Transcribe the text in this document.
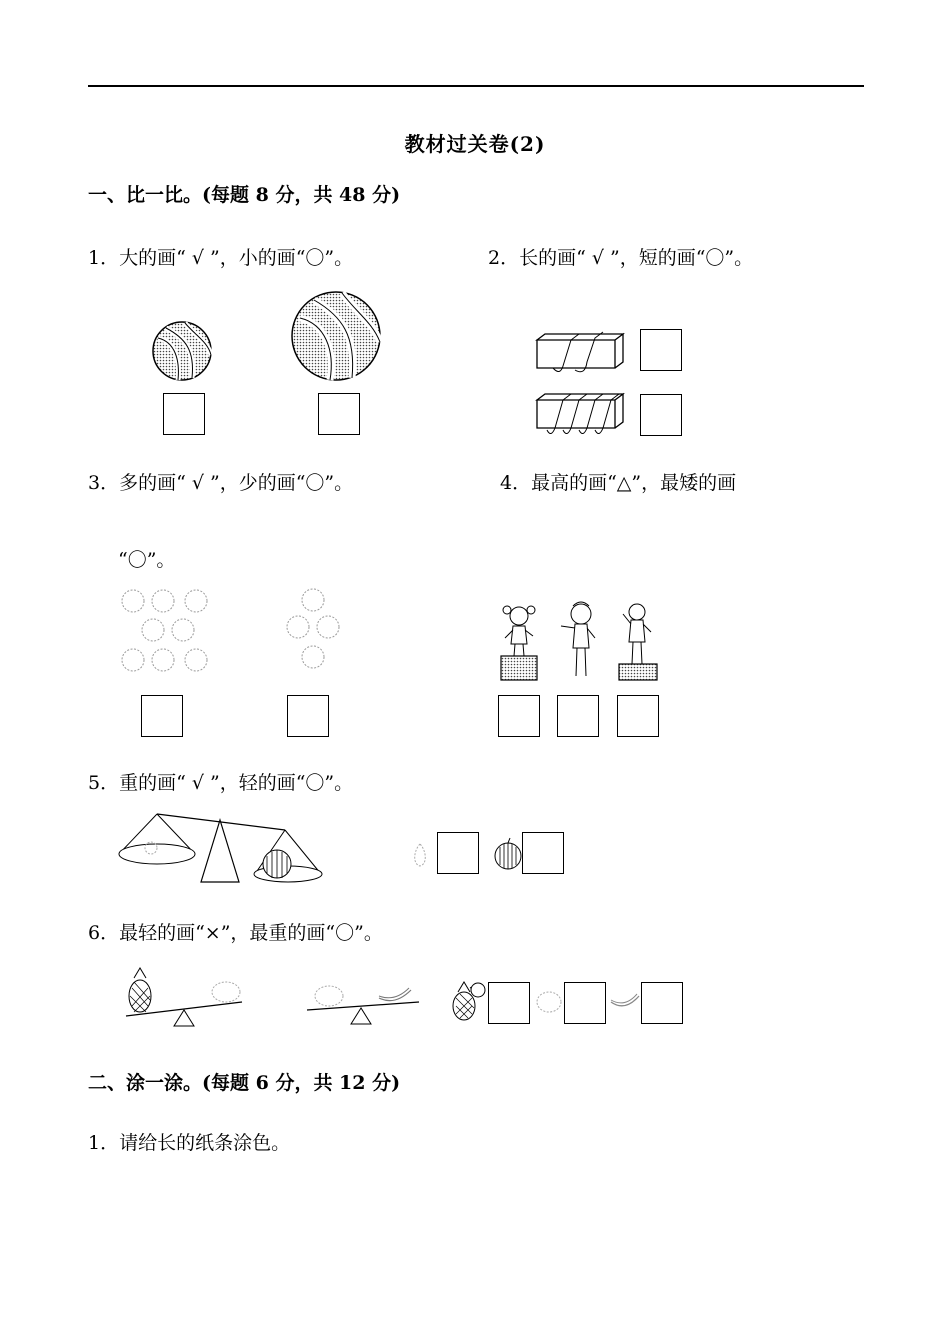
教材过关卷(2)
一、比一比。(每题 8 分，共 48 分)
1．大的画“ √ ”，小的画“〇”。	2．长的画“ √ ”，短的画“〇”。
3．多的画“ √ ”，少的画“〇”。	4．最高的画“△”，最矮的画
“〇”。
5．重的画“ √ ”，轻的画“〇”。
6．最轻的画“×”，最重的画“〇”。
二、涂一涂。(每题 6 分，共 12 分)
1．请给长的纸条涂色。
